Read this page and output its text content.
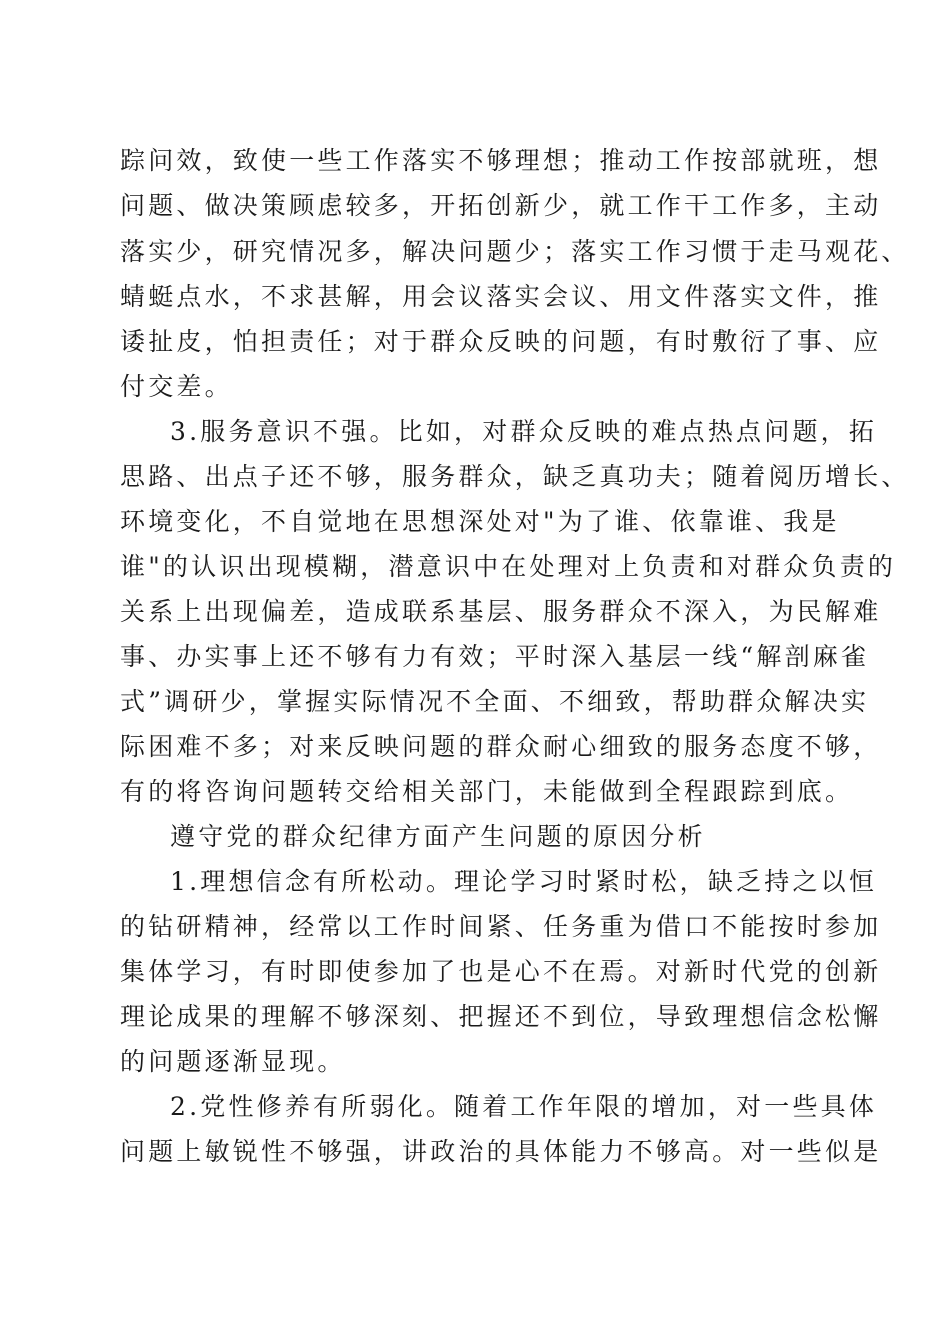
踪问效，致使一些工作落实不够理想；推动工作按部就班，想

问题、做决策顾虑较多，开拓创新少，就工作干工作多，主动

落实少，研究情况多，解决问题少；落实工作习惯于走马观花、

蜻蜓点水，不求甚解，用会议落实会议、用文件落实文件，推

诿扯皮，怕担责任；对于群众反映的问题，有时敷衍了事、应

付交差。

3.服务意识不强。比如，对群众反映的难点热点问题，拓

思路、出点子还不够，服务群众，缺乏真功夫；随着阅历增长、

环境变化，不自觉地在思想深处对"为了谁、依靠谁、我是

谁"的认识出现模糊，潜意识中在处理对上负责和对群众负责的

关系上出现偏差，造成联系基层、服务群众不深入，为民解难

事、办实事上还不够有力有效；平时深入基层一线“解剖麻雀

式”调研少，掌握实际情况不全面、不细致，帮助群众解决实

际困难不多；对来反映问题的群众耐心细致的服务态度不够，

有的将咨询问题转交给相关部门，未能做到全程跟踪到底。

遵守党的群众纪律方面产生问题的原因分析

1.理想信念有所松动。理论学习时紧时松，缺乏持之以恒

的钻研精神，经常以工作时间紧、任务重为借口不能按时参加

集体学习，有时即使参加了也是心不在焉。对新时代党的创新

理论成果的理解不够深刻、把握还不到位，导致理想信念松懈

的问题逐渐显现。

2.党性修养有所弱化。随着工作年限的增加，对一些具体

问题上敏锐性不够强，讲政治的具体能力不够高。对一些似是
